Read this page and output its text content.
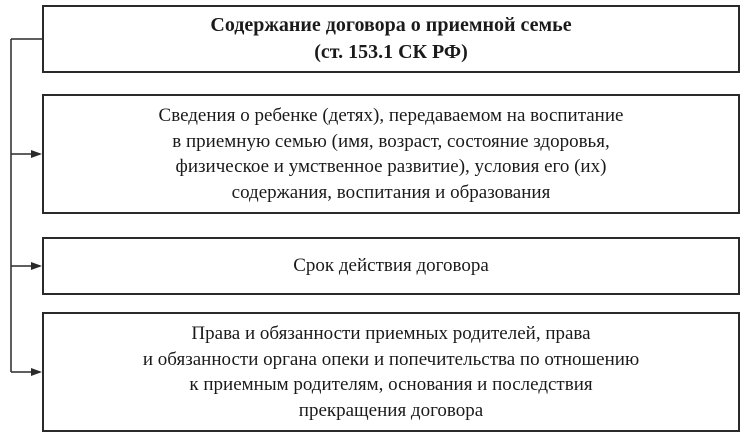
Содержание договора о приемной семье
(ст. 153.1 СК РФ)
Сведения о ребенке (детях), передаваемом на воспитание
в приемную семью (имя, возраст, состояние здоровья,
физическое и умственное развитие), условия его (их)
содержания, воспитания и образования
Срок действия договора
Права и обязанности приемных родителей, права
и обязанности органа опеки и попечительства по отношению
к приемным родителям, основания и последствия
прекращения договора
